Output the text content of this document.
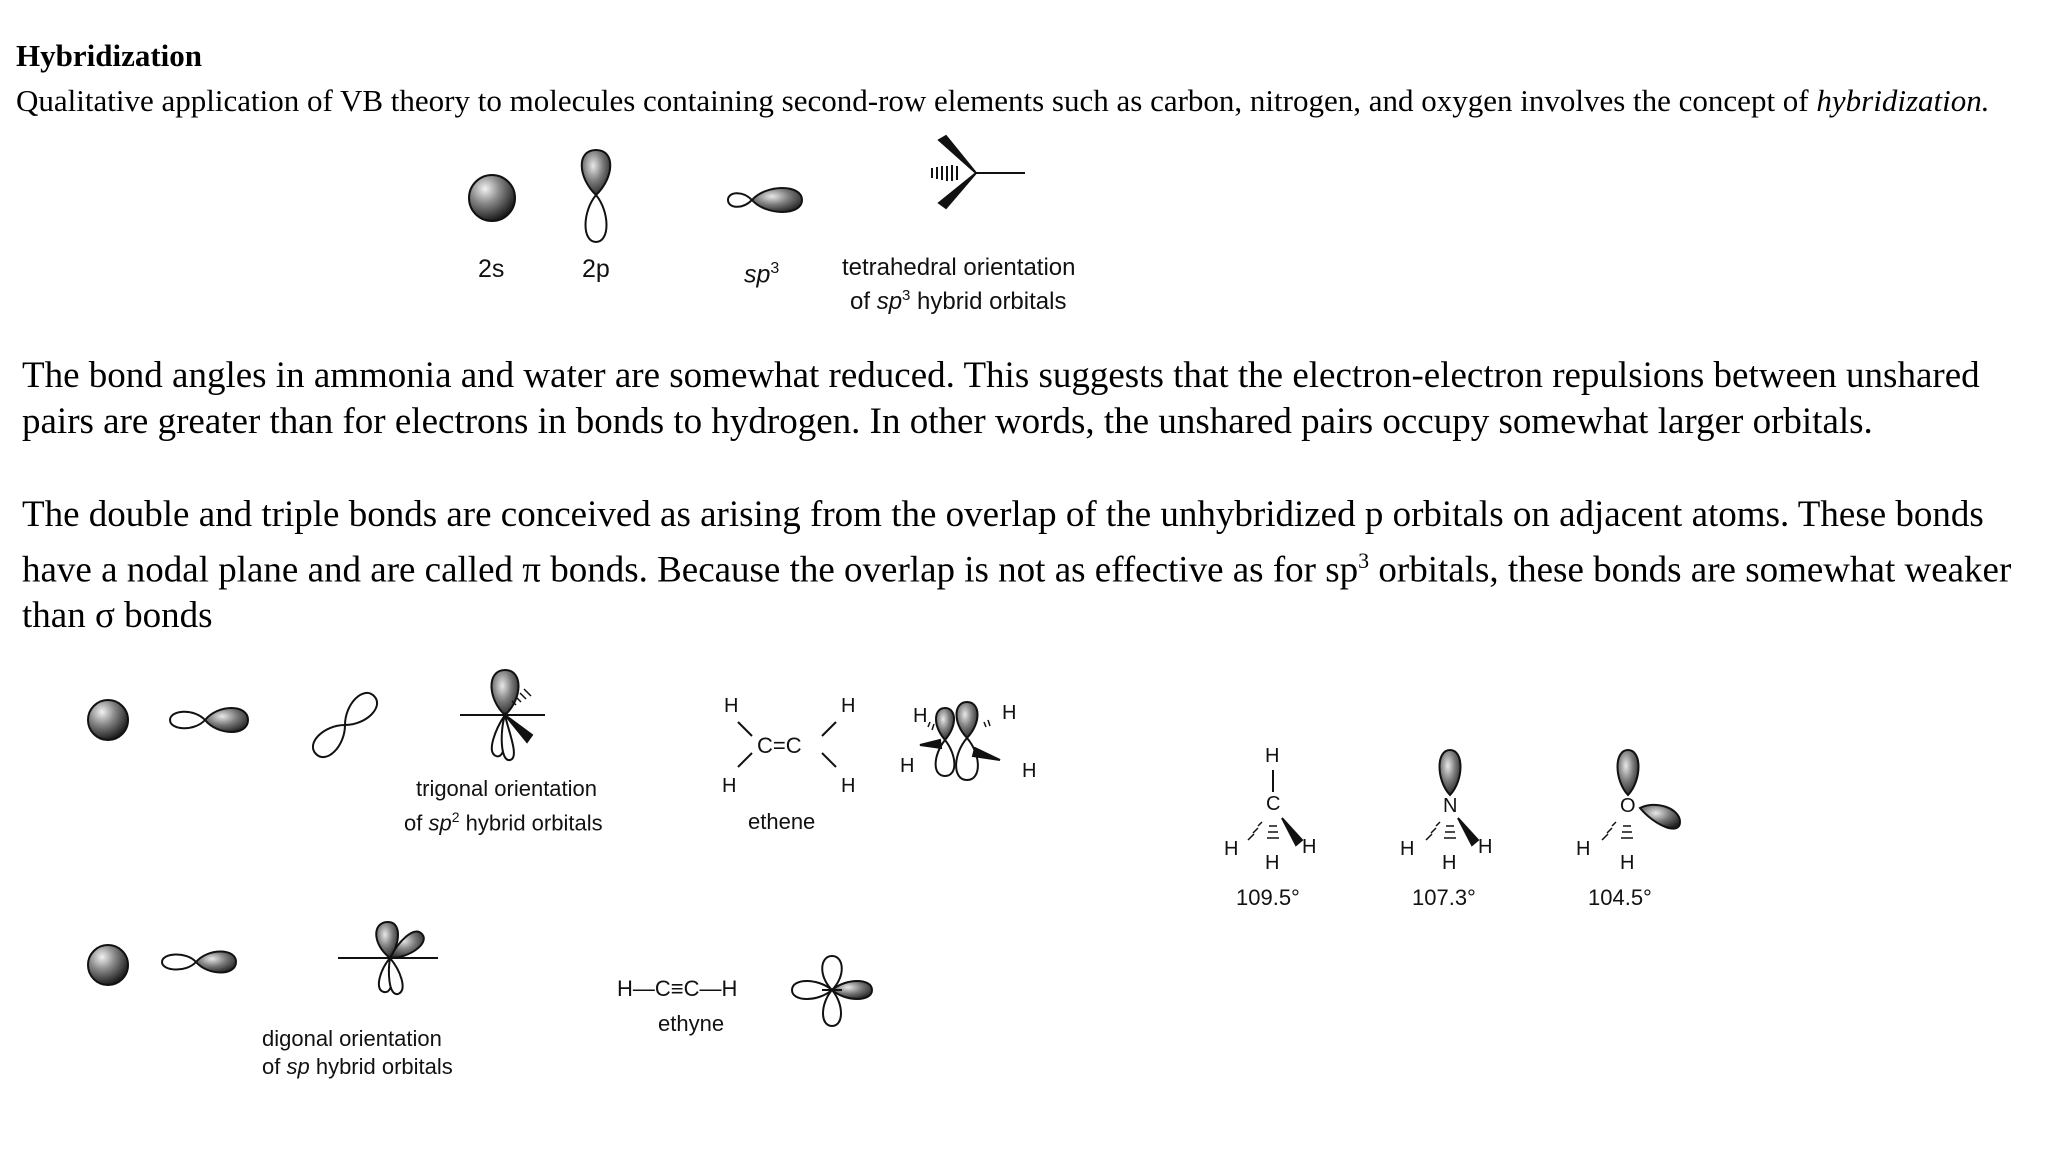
Hybridization
Qualitative application of VB theory to molecules containing second-row elements such as carbon, nitrogen, and oxygen involves the concept of hybridization.
The bond angles in ammonia and water are somewhat reduced. This suggests that the electron-electron repulsions between unshared pairs are greater than for electrons in bonds to hydrogen. In other words, the unshared pairs occupy somewhat larger orbitals.
The double and triple bonds are conceived as arising from the overlap of the unhybridized p orbitals on adjacent atoms. These bonds have a nodal plane and are called π bonds. Because the overlap is not as effective as for $sp^3$ orbitals, these bonds are somewhat weaker than σ bonds
2s	2p	$sp^3$	tetrahedral orientation
of $sp^3$ hybrid orbitals
trigonal orientation
of $sp^2$ hybrid orbitals
H	H
C=C
H	H
ethene
H	H
H	H
digonal orientation
of sp hybrid orbitals
H—C≡C—H
ethyne
H
C
H	H
H
109.5°
N
H	H
H
107.3°
O
H
H
104.5°
